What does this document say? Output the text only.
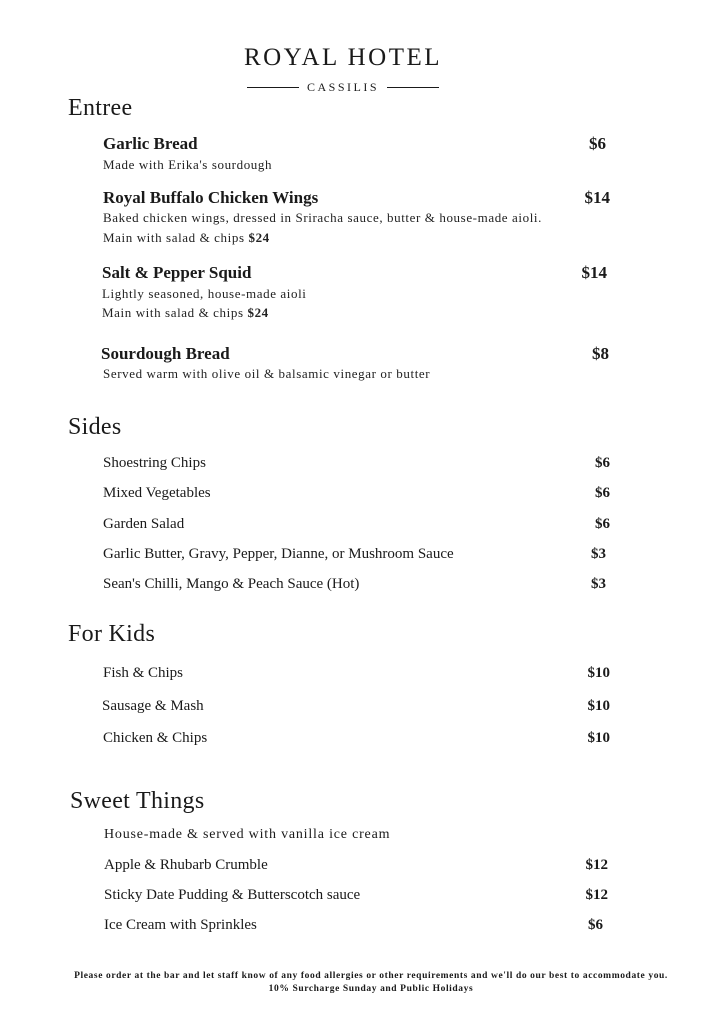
ROYAL HOTEL
CASSILIS
Entree
Garlic Bread	$6
Made with Erika's sourdough
Royal Buffalo Chicken Wings	$14
Baked chicken wings, dressed in Sriracha sauce, butter & house-made aioli. Main with salad & chips $24
Salt & Pepper Squid	$14
Lightly seasoned, house-made aioli
Main with salad & chips $24
Sourdough Bread	$8
Served warm with olive oil & balsamic vinegar or butter
Sides
Shoestring Chips	$6
Mixed Vegetables	$6
Garden Salad	$6
Garlic Butter, Gravy, Pepper, Dianne, or Mushroom Sauce	$3
Sean's Chilli, Mango & Peach Sauce (Hot)	$3
For Kids
Fish & Chips	$10
Sausage & Mash	$10
Chicken & Chips	$10
Sweet Things
House-made & served with vanilla ice cream
Apple & Rhubarb Crumble	$12
Sticky Date Pudding & Butterscotch sauce	$12
Ice Cream with Sprinkles	$6
Please order at the bar and let staff know of any food allergies or other requirements and we'll do our best to accommodate you. 10% Surcharge Sunday and Public Holidays
